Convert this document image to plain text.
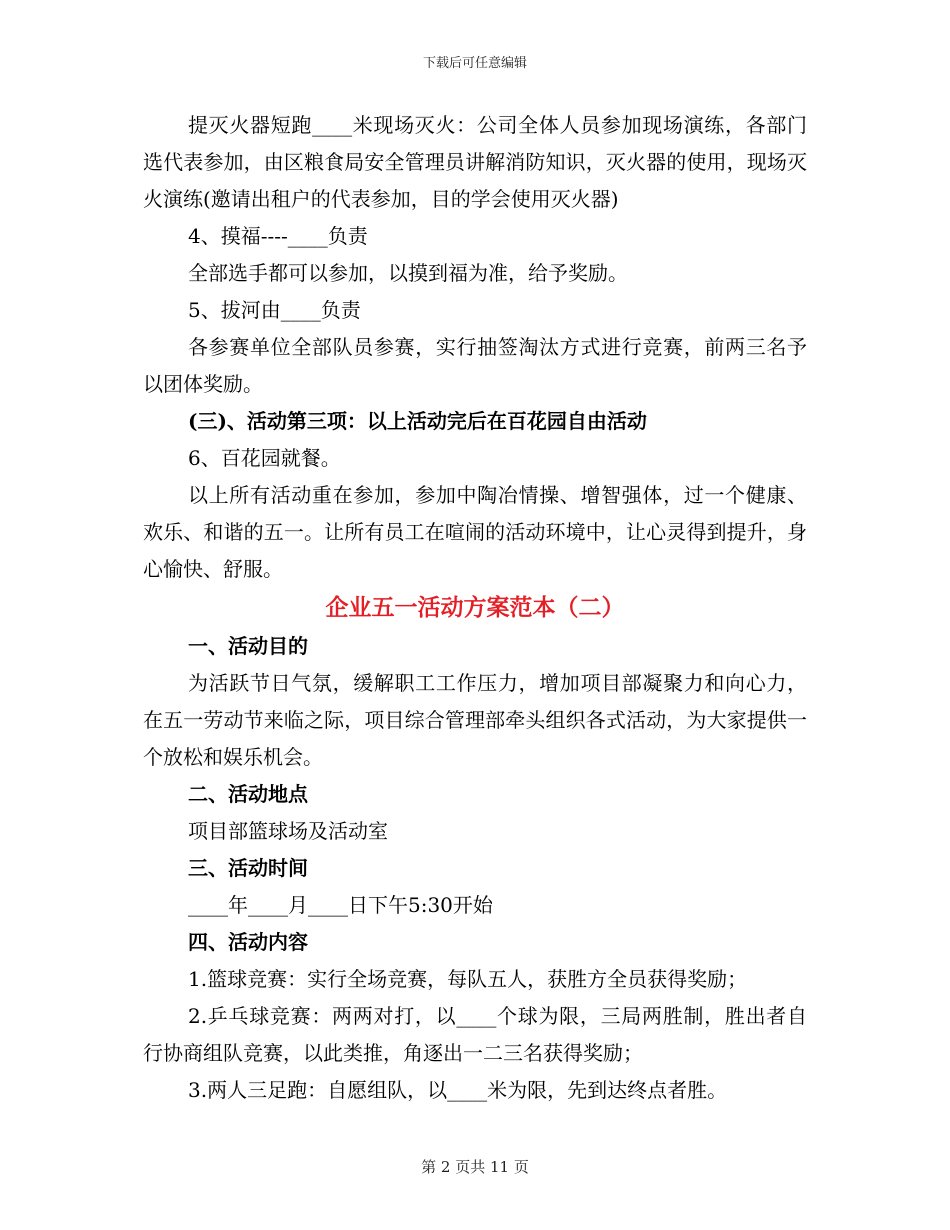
下载后可任意编辑

提灭火器短跑____米现场灭火：公司全体人员参加现场演练，各部门选代表参加，由区粮食局安全管理员讲解消防知识，灭火器的使用，现场灭火演练(邀请出租户的代表参加，目的学会使用灭火器)

4、摸福----____负责

全部选手都可以参加，以摸到福为准，给予奖励。

5、拔河由____负责

各参赛单位全部队员参赛，实行抽签淘汰方式进行竞赛，前两三名予以团体奖励。

(三)、活动第三项：以上活动完后在百花园自由活动

6、百花园就餐。

以上所有活动重在参加，参加中陶冶情操、增智强体，过一个健康、欢乐、和谐的五一。让所有员工在喧闹的活动环境中，让心灵得到提升，身心愉快、舒服。

企业五一活动方案范本（二）

一、活动目的

为活跃节日气氛，缓解职工工作压力，增加项目部凝聚力和向心力，在五一劳动节来临之际，项目综合管理部牵头组织各式活动，为大家提供一个放松和娱乐机会。

二、活动地点

项目部篮球场及活动室

三、活动时间

____年____月____日下午5:30开始

四、活动内容

1.篮球竞赛：实行全场竞赛，每队五人，获胜方全员获得奖励；

2.乒乓球竞赛：两两对打，以____个球为限，三局两胜制，胜出者自行协商组队竞赛，以此类推，角逐出一二三名获得奖励；

3.两人三足跑：自愿组队，以____米为限，先到达终点者胜。

第 2 页共 11 页
